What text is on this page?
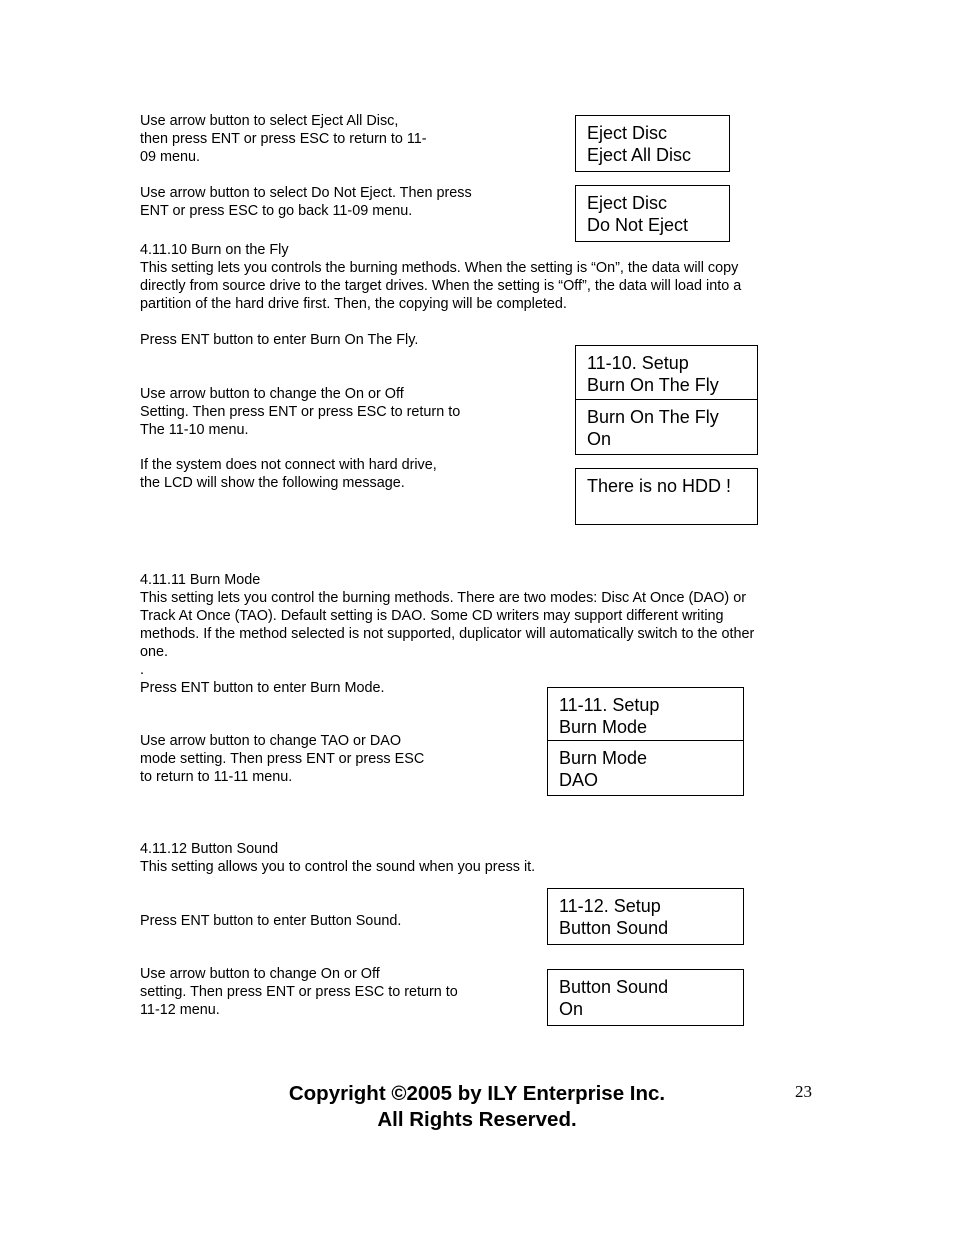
Use arrow button to select Eject All Disc,
then press ENT or press ESC to return to 11-
09 menu.

Eject Disc
Eject All Disc

Use arrow button to select Do Not Eject. Then press
ENT or press ESC to go back 11-09 menu.	Eject Disc
Do Not Eject

4.11.10 Burn on the Fly

This setting lets you controls the burning methods. When the setting is “On”, the data will copy
directly from source drive to the target drives. When the setting is “Off”, the data will load into a
partition of the hard drive first. Then, the copying will be completed.

Press ENT button to enter Burn On The Fly.

11-10. Setup
Burn On The Fly
Burn On The Fly
On

Use arrow button to change the On or Off
Setting. Then press ENT or press ESC to return to
The 11-10 menu.

If the system does not connect with hard drive,
the LCD will show the following message.	There is no HDD !

4.11.11 Burn Mode

This setting lets you control the burning methods. There are two modes: Disc At Once (DAO) or
Track At Once (TAO). Default setting is DAO. Some CD writers may support different writing
methods. If the method selected is not supported, duplicator will automatically switch to the other
one.
.

Press ENT button to enter Burn Mode.

11-11. Setup
Burn Mode
Burn Mode
DAO

Use arrow button to change TAO or DAO
mode setting. Then press ENT or press ESC
to return to 11-11 menu.

4.11.12 Button Sound

This setting allows you to control the sound when you press it.

11-12. Setup
Button Sound

Press ENT button to enter Button Sound.

Use arrow button to change On or Off
setting. Then press ENT or press ESC to return to
11-12 menu.

Button Sound
On
Copyright ©2005 by ILY Enterprise Inc.
All Rights Reserved.
23
